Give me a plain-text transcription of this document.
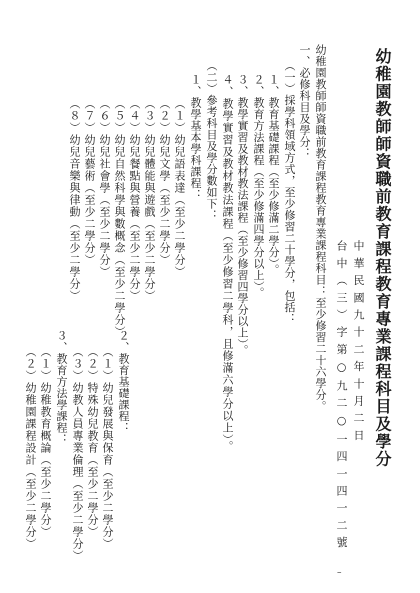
幼稚園教師師資職前教育課程教育專業課程科目及學分
中華民國九十二年十月二日
台中（三）字第○九二○一四一四一二號
幼稚園教師師資職前教育課程教育專業課程科目：至少修習二十六學分。
一、必修科目及學分：
（一）採學科領域方式，至少修習二十學分，包括：
１、教育基礎課程（至少修滿二學分）。
２、教育方法課程（至少修滿四學分以上）。
３、教學實習及教材教法課程（至少修習四學分以上）。
４、教學實習及教材教法課程（至少修習二學科，且修滿六學分以上）。
（二）參考科目及學分數如下：
１、教學基本學科課程：
（１）幼兒語表達（至少二學分）
（２）幼兒文學（至少二學分）
（３）幼兒體能與遊戲（至少二學分）
（４）幼兒餐點與營養（至少二學分）
（５）幼兒自然科學與數概念（至少二學分）
（６）幼兒社會學（至少二學分）
（７）幼兒藝術（至少二學分）
（８）幼兒音樂與律動（至少二學分）
２、教育基礎課程：
（１）幼兒發展與保育（至少二學分）
（２）特殊幼兒教育（至少二學分）
（３）幼教人員專業倫理（至少二學分）
３、教育方法學課程：
（１）幼稚教育概論（至少二學分）
（２）幼稚園課程設計（至少二學分）
–
